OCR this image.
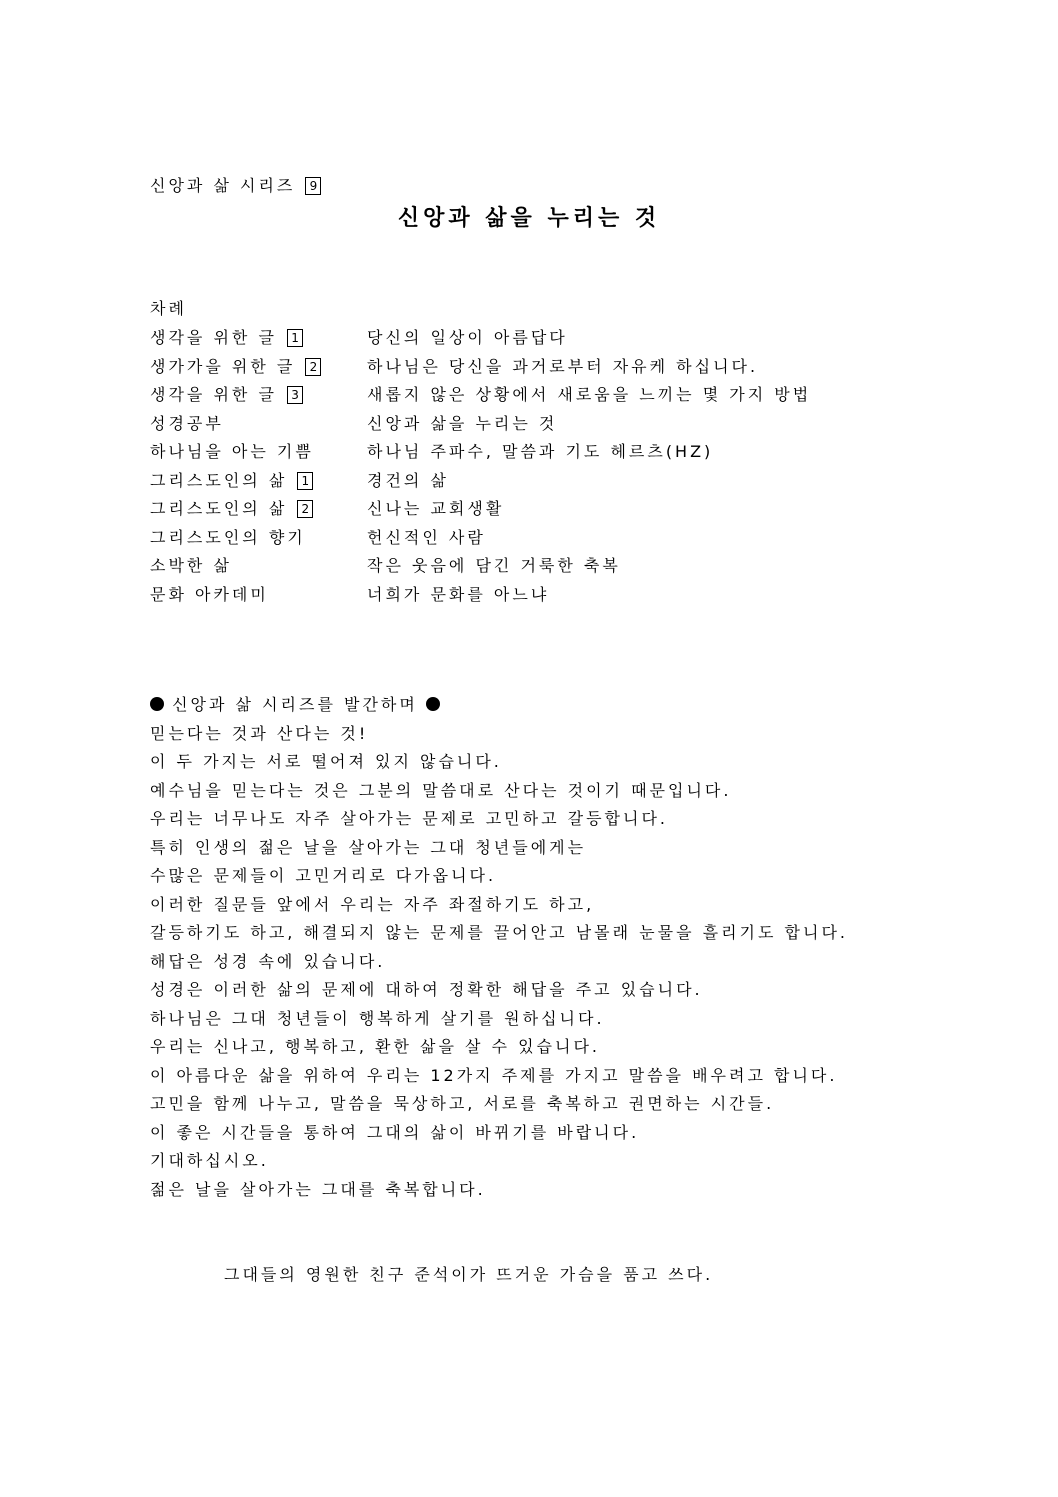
신앙과 삶 시리즈 9
신앙과 삶을 누리는 것
차례
생각을 위한 글 1	당신의 일상이 아름답다
생가가을 위한 글 2	하나님은 당신을 과거로부터 자유케 하십니다.
생각을 위한 글 3	새롭지 않은 상황에서 새로움을 느끼는 몇 가지 방법
성경공부	신앙과 삶을 누리는 것
하나님을 아는 기쁨	하나님 주파수, 말씀과 기도 헤르츠(HZ)
그리스도인의 삶 1	경건의 삶
그리스도인의 삶 2	신나는 교회생활
그리스도인의 향기	헌신적인 사람
소박한 삶	작은 웃음에 담긴 거룩한 축복
문화 아카데미	너희가 문화를 아느냐
신앙과 삶 시리즈를 발간하며
믿는다는 것과 산다는 것!
이 두 가지는 서로 떨어져 있지 않습니다.
예수님을 믿는다는 것은 그분의 말씀대로 산다는 것이기 때문입니다.
우리는 너무나도 자주 살아가는 문제로 고민하고 갈등합니다.
특히 인생의 젊은 날을 살아가는 그대 청년들에게는
수많은 문제들이 고민거리로 다가옵니다.
이러한 질문들 앞에서 우리는 자주 좌절하기도 하고,
갈등하기도 하고, 해결되지 않는 문제를 끌어안고 남몰래 눈물을 흘리기도 합니다.
해답은 성경 속에 있습니다.
성경은 이러한 삶의 문제에 대하여 정확한 해답을 주고 있습니다.
하나님은 그대 청년들이 행복하게 살기를 원하십니다.
우리는 신나고, 행복하고, 환한 삶을 살 수 있습니다.
이 아름다운 삶을 위하여 우리는 12가지 주제를 가지고 말씀을 배우려고 합니다.
고민을 함께 나누고, 말씀을 묵상하고, 서로를 축복하고 권면하는 시간들.
이 좋은 시간들을 통하여 그대의 삶이 바뀌기를 바랍니다.
기대하십시오.
젊은 날을 살아가는 그대를 축복합니다.
그대들의 영원한 친구 준석이가 뜨거운 가슴을 품고 쓰다.
